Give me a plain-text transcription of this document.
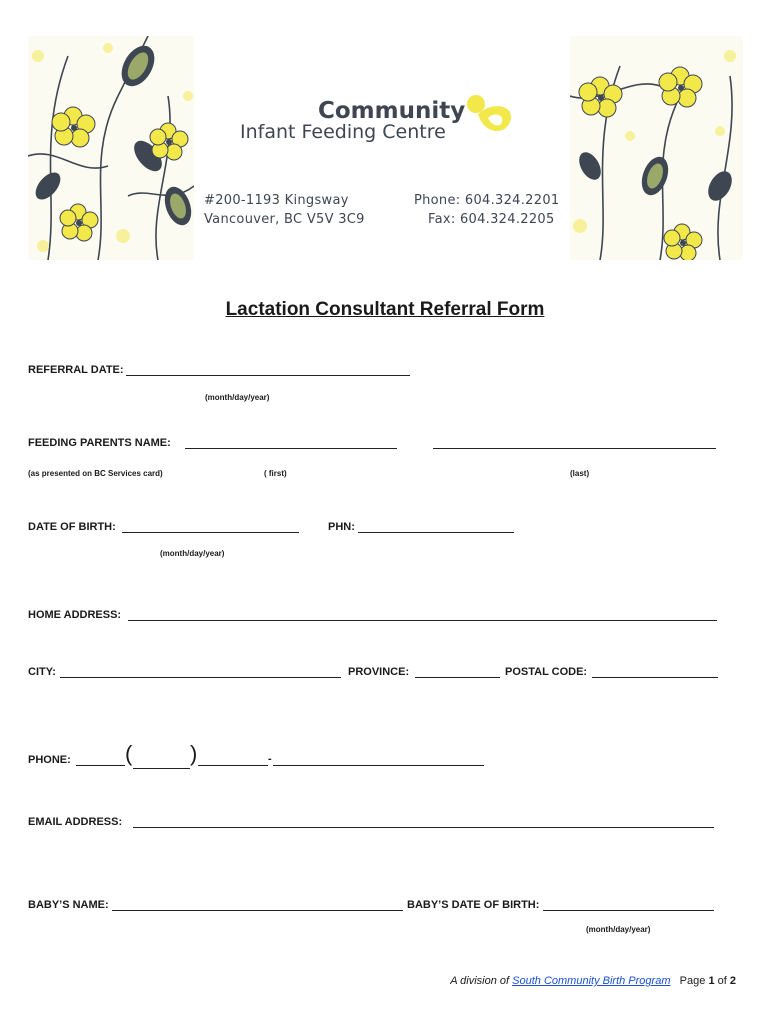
Community
Infant Feeding Centre
#200-1193 Kingsway
Vancouver, BC V5V 3C9
Phone: 604.324.2201
Fax: 604.324.2205
Lactation Consultant Referral Form
REFERRAL DATE:
(month/day/year)
FEEDING PARENTS NAME:
(as presented on BC Services card)	( first)	(last)
DATE OF BIRTH:	PHN:
(month/day/year)
HOME ADDRESS:
CITY:	PROVINCE:	POSTAL CODE:
PHONE: (	)	-
EMAIL ADDRESS:
BABY’S NAME:	BABY’S DATE OF BIRTH:
(month/day/year)
A division of South Community Birth Program Page 1 of 2
